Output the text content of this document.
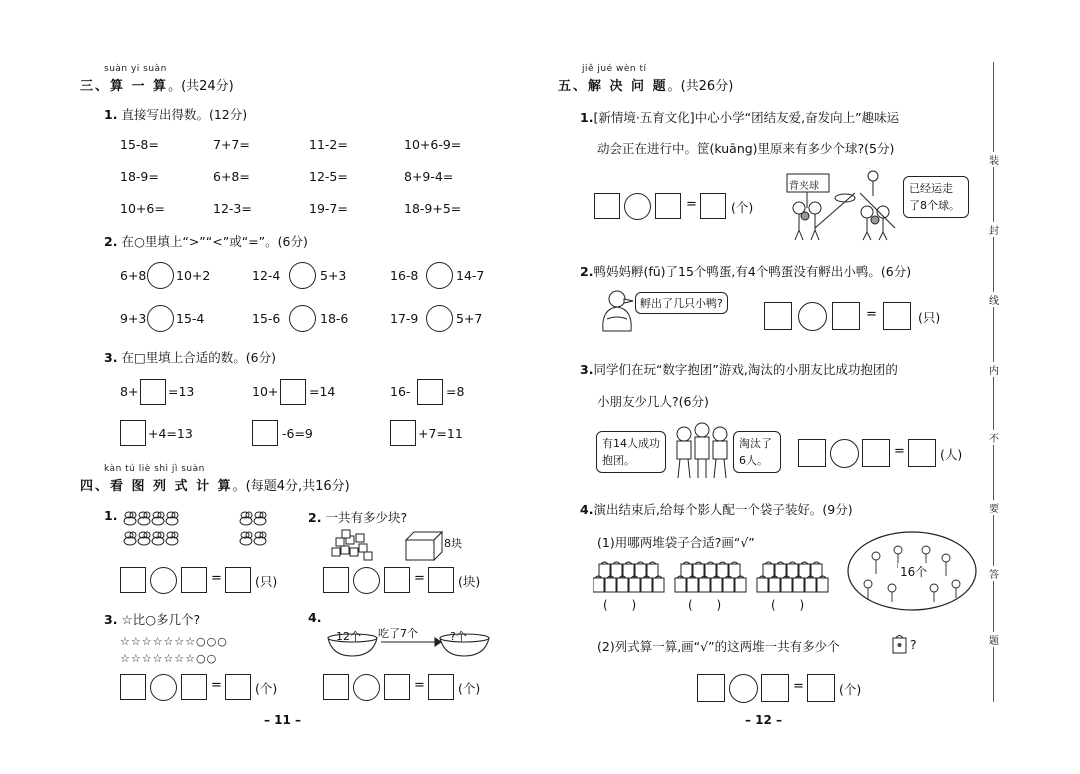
suàn yi suàn
三、算 一 算。(共24分)
1. 直接写出得数。(12分)
15-8=	7+7=	11-2=	10+6-9=
18-9=	6+8=	12-5=	8+9-4=
10+6=	12-3=	19-7=	18-9+5=
2. 在○里填上“>”“<”或“=”。(6分)
6+8 10+2	12-4	5+3	16-8	14-7
9+3 15-4	15-6	18-6	17-9	5+7
3. 在□里填上合适的数。(6分)
8+ =13	10+ =14	16-	=8
+4=13	-6=9	+7=11
kàn tú liè shì jì suàn
四、看 图 列 式 计 算。(每题4分,共16分)
1.
=	(只)
2. 一共有多少块?
8块
=	(块)
3. ☆比○多几个?
☆☆☆☆☆☆☆○○○
☆☆☆☆☆☆☆○○
=	(个)
4.
12个 吃了7个	?个
=	(个)
– 11 –
jiě jué wèn tí
五、解 决 问 题。(共26分)
1.[新情境·五育文化]中心小学“团结友爱,奋发向上”趣味运
动会正在进行中。筐(kuāng)里原来有多少个球?(5分)
=	(个)
背夹球	已经运走了8个球。
2.鸭妈妈孵(fū)了15个鸭蛋,有4个鸭蛋没有孵出小鸭。(6分)
孵出了几只小鸭?
=	(只)
3.同学们在玩“数字抱团”游戏,淘汰的小朋友比成功抱团的
小朋友少几人?(6分)
有14人成功抱团。
淘汰了6人。
=	(人)
4.演出结束后,给每个影人配一个袋子装好。(9分)
(1)用哪两堆袋子合适?画“√”
( )	( )	( )
16个
(2)列式算一算,画“√”的这两堆一共有多少个	?
=	(个)
– 12 –
装
封
线
内
不
要
答
题
